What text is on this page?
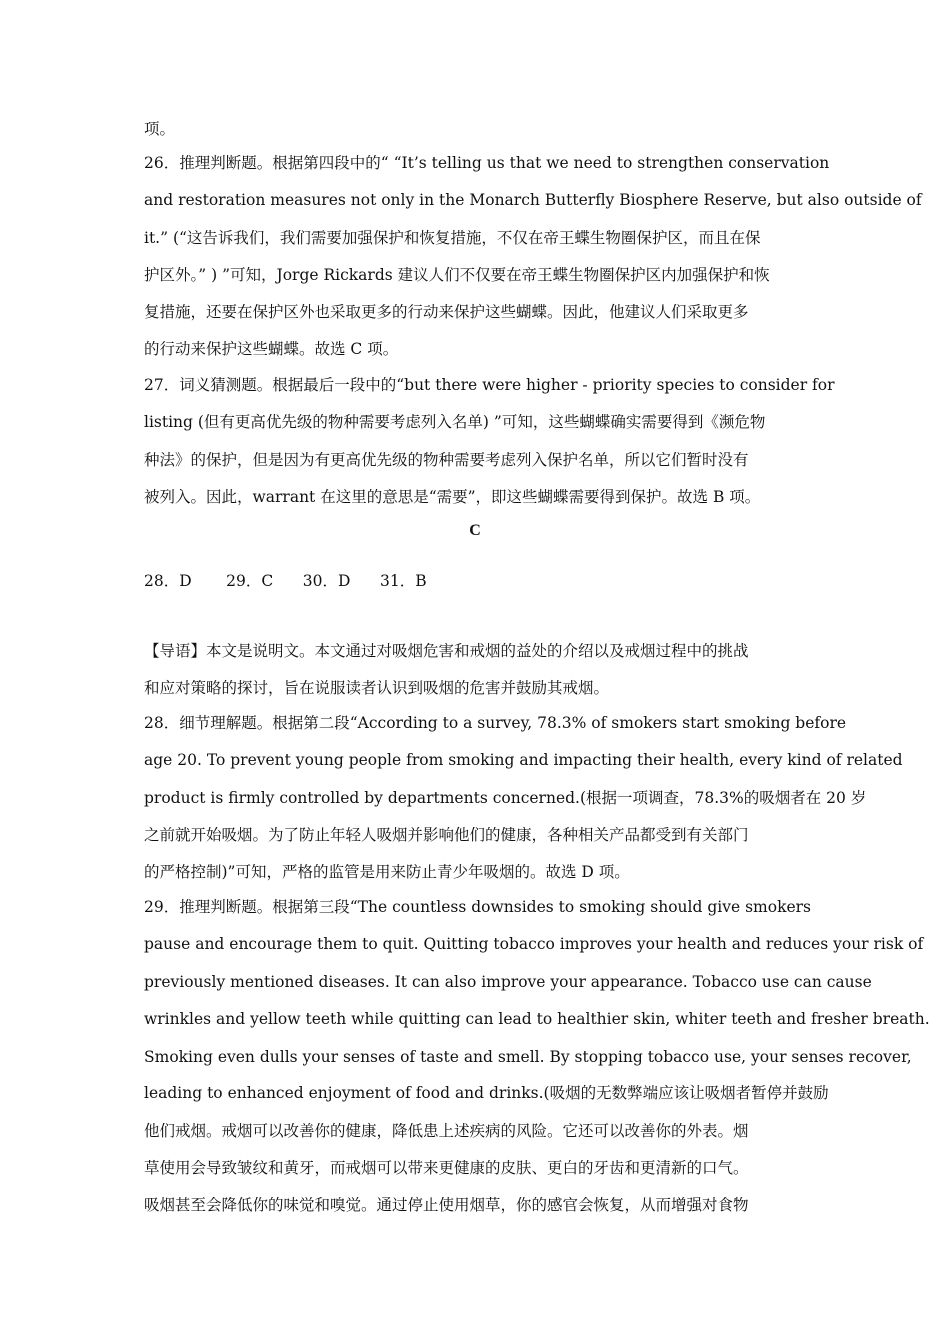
项。
26．推理判断题。根据第四段中的“ “It’s telling us that we need to strengthen conservation
and restoration measures not only in the Monarch Butterfly Biosphere Reserve, but also outside of
it.” (“这告诉我们，我们需要加强保护和恢复措施，不仅在帝王蝶生物圈保护区，而且在保
护区外。” ) ”可知，Jorge Rickards 建议人们不仅要在帝王蝶生物圈保护区内加强保护和恢
复措施，还要在保护区外也采取更多的行动来保护这些蝴蝶。因此，他建议人们采取更多
的行动来保护这些蝴蝶。故选 C 项。
27．词义猜测题。根据最后一段中的“but there were higher - priority species to consider for
listing (但有更高优先级的物种需要考虑列入名单) ”可知，这些蝴蝶确实需要得到《濒危物
种法》的保护，但是因为有更高优先级的物种需要考虑列入保护名单，所以它们暂时没有
被列入。因此，warrant 在这里的意思是“需要”，即这些蝴蝶需要得到保护。故选 B 项。
C
28．D       29．C      30．D      31．B
【导语】本文是说明文。本文通过对吸烟危害和戒烟的益处的介绍以及戒烟过程中的挑战
和应对策略的探讨，旨在说服读者认识到吸烟的危害并鼓励其戒烟。
28．细节理解题。根据第二段“According to a survey, 78.3% of smokers start smoking before
age 20. To prevent young people from smoking and impacting their health, every kind of related
product is firmly controlled by departments concerned.(根据一项调查，78.3%的吸烟者在 20 岁
之前就开始吸烟。为了防止年轻人吸烟并影响他们的健康，各种相关产品都受到有关部门
的严格控制)”可知，严格的监管是用来防止青少年吸烟的。故选 D 项。
29．推理判断题。根据第三段“The countless downsides to smoking should give smokers
pause and encourage them to quit. Quitting tobacco improves your health and reduces your risk of
previously mentioned diseases. It can also improve your appearance. Tobacco use can cause
wrinkles and yellow teeth while quitting can lead to healthier skin, whiter teeth and fresher breath.
Smoking even dulls your senses of taste and smell. By stopping tobacco use, your senses recover,
leading to enhanced enjoyment of food and drinks.(吸烟的无数弊端应该让吸烟者暂停并鼓励
他们戒烟。戒烟可以改善你的健康，降低患上述疾病的风险。它还可以改善你的外表。烟
草使用会导致皱纹和黄牙，而戒烟可以带来更健康的皮肤、更白的牙齿和更清新的口气。
吸烟甚至会降低你的味觉和嗅觉。通过停止使用烟草，你的感官会恢复，从而增强对食物
